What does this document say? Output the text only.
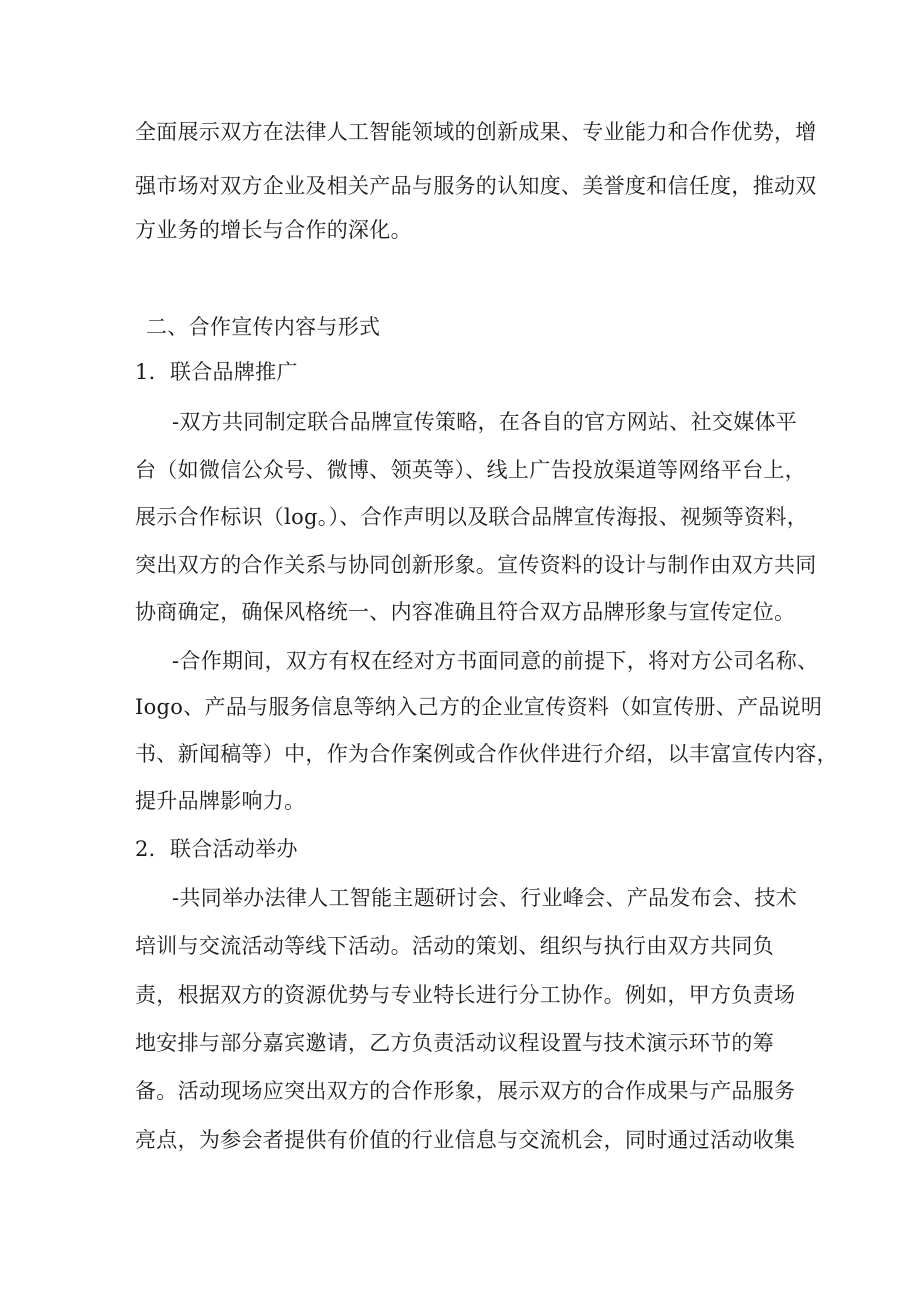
全面展示双方在法律人工智能领域的创新成果、专业能力和合作优势，增
强市场对双方企业及相关产品与服务的认知度、美誉度和信任度，推动双
方业务的增长与合作的深化。
二、合作宣传内容与形式
1．联合品牌推广
-双方共同制定联合品牌宣传策略，在各自的官方网站、社交媒体平
台（如微信公众号、微博、领英等）、线上广告投放渠道等网络平台上，
展示合作标识（log。）、合作声明以及联合品牌宣传海报、视频等资料，
突出双方的合作关系与协同创新形象。宣传资料的设计与制作由双方共同
协商确定，确保风格统一、内容准确且符合双方品牌形象与宣传定位。
-合作期间，双方有权在经对方书面同意的前提下，将对方公司名称、
Iogo、产品与服务信息等纳入己方的企业宣传资料（如宣传册、产品说明
书、新闻稿等）中，作为合作案例或合作伙伴进行介绍，以丰富宣传内容，
提升品牌影响力。
2．联合活动举办
-共同举办法律人工智能主题研讨会、行业峰会、产品发布会、技术
培训与交流活动等线下活动。活动的策划、组织与执行由双方共同负
责，根据双方的资源优势与专业特长进行分工协作。例如，甲方负责场
地安排与部分嘉宾邀请，乙方负责活动议程设置与技术演示环节的筹
备。活动现场应突出双方的合作形象，展示双方的合作成果与产品服务
亮点，为参会者提供有价值的行业信息与交流机会，同时通过活动收集
